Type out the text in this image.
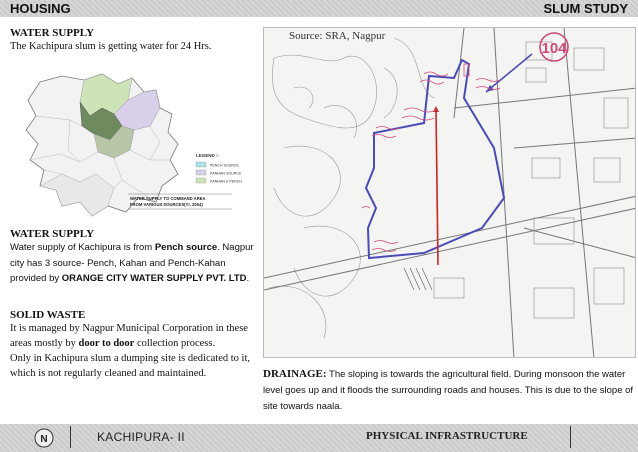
HOUSING	SLUM STUDY
WATER SUPPLY
The Kachipura slum is getting water for 24 Hrs.
LEGEND :-
PENCH SOURCE
KANHAN SOURCE
KANHAN & PENCH
WATER SUPPLY TO COMMAND AREA
FROM VARIOUS SOURCES(Yr. 2004)
WATER SUPPLY
Water supply of Kachipura is from Pench source. Nagpur city has 3 source- Pench, Kahan and Pench-Kahan provided by ORANGE CITY WATER SUPPLY PVT. LTD.
SOLID WASTE
It is managed by Nagpur Municipal Corporation in these areas mostly by door to door collection process.
Only in Kachipura slum a dumping site is dedicated to it, which is not regularly cleaned and maintained.
104
Source: SRA, Nagpur
DRAINAGE: The sloping is towards the agricultural field. During monsoon the water level goes up and it floods the surrounding roads and houses. This is due to the slope of site towards naala.
N	KACHIPURA- II	PHYSICAL INFRASTRUCTURE
